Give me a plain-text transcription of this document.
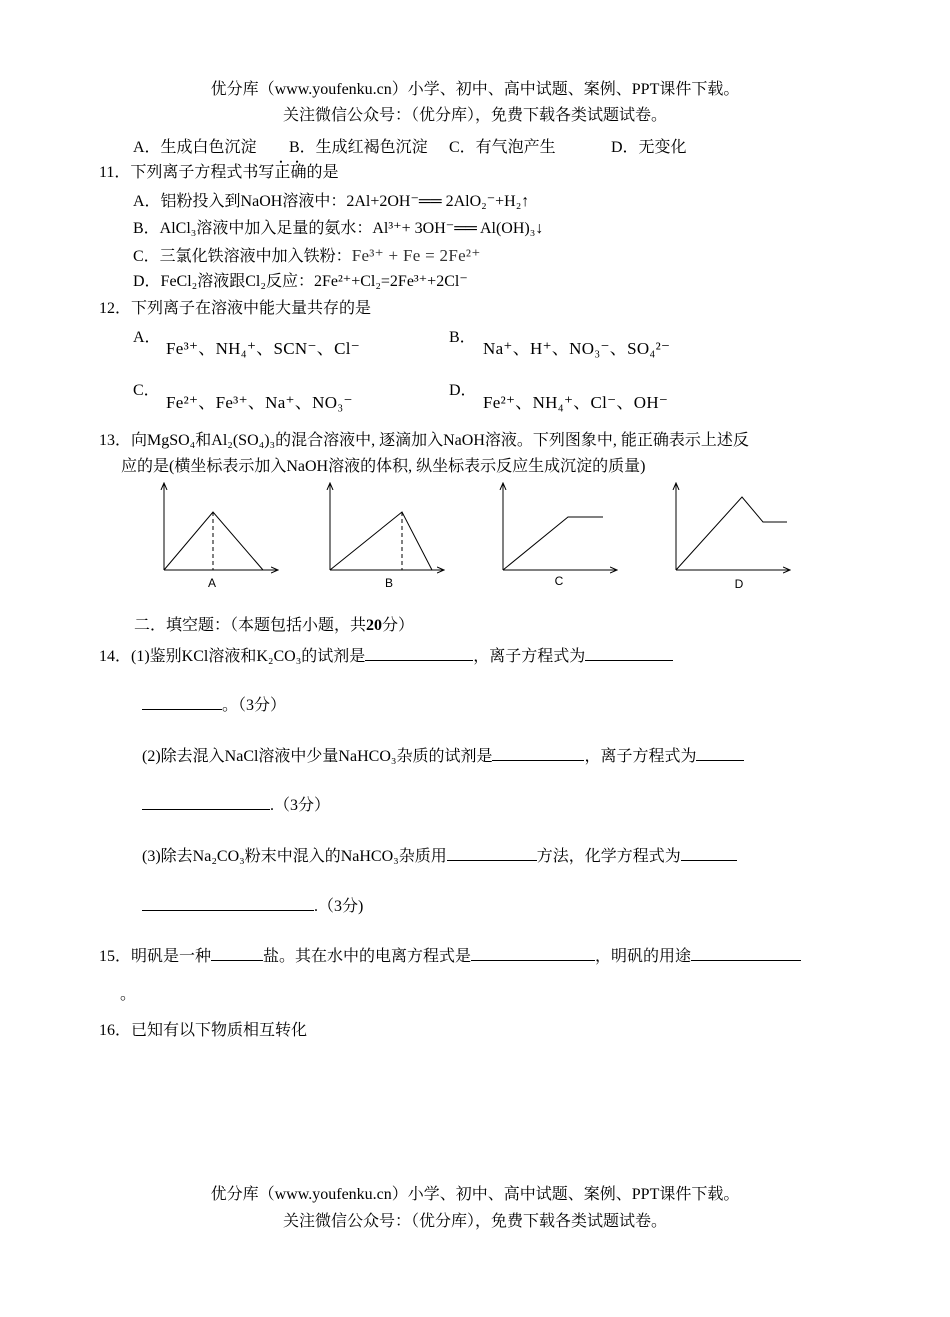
优分库（www.youfenku.cn）小学、初中、高中试题、案例、PPT课件下载。
关注微信公众号：（优分库），免费下载各类试题试卷。
A．生成白色沉淀 B．生成红褐色沉淀 C．有气泡产生	D．无变化
11．下列离子方程式书写正确的是
A．铝粉投入到NaOH溶液中：2Al+2OH⁻══ 2AlO₂⁻+H₂↑
B．AlCl₃溶液中加入足量的氨水：Al³⁺+ 3OH⁻══ Al(OH)₃↓
C．三氯化铁溶液中加入铁粉：Fe³⁺ + Fe = 2Fe²⁺
D．FeCl₂溶液跟Cl₂反应：2Fe²⁺+Cl₂=2Fe³⁺+2Cl⁻
12．下列离子在溶液中能大量共存的是
A．
Fe³⁺、NH₄⁺、SCN⁻、Cl⁻
B．
Na⁺、H⁺、NO₃⁻、SO₄²⁻
C．
Fe²⁺、Fe³⁺、Na⁺、NO₃⁻
D．
Fe²⁺、NH₄⁺、Cl⁻、OH⁻
13．向MgSO₄和Al₂(SO₄)₃的混合溶液中, 逐滴加入NaOH溶液。下列图象中, 能正确表示上述反
应的是(横坐标表示加入NaOH溶液的体积, 纵坐标表示反应生成沉淀的质量)
A	B	C	D
二．填空题：（本题包括小题，共20分）
14．(1)鉴别KCl溶液和K₂CO₃的试剂是	，离子方程式为
。（3分）
(2)除去混入NaCl溶液中少量NaHCO₃杂质的试剂是	，离子方程式为
.（3分）
(3)除去Na₂CO₃粉末中混入的NaHCO₃杂质用	方法，化学方程式为
.（3分)
15．明矾是一种	盐。其在水中的电离方程式是	，明矾的用途
。
16．已知有以下物质相互转化
优分库（www.youfenku.cn）小学、初中、高中试题、案例、PPT课件下载。
关注微信公众号：（优分库），免费下载各类试题试卷。
